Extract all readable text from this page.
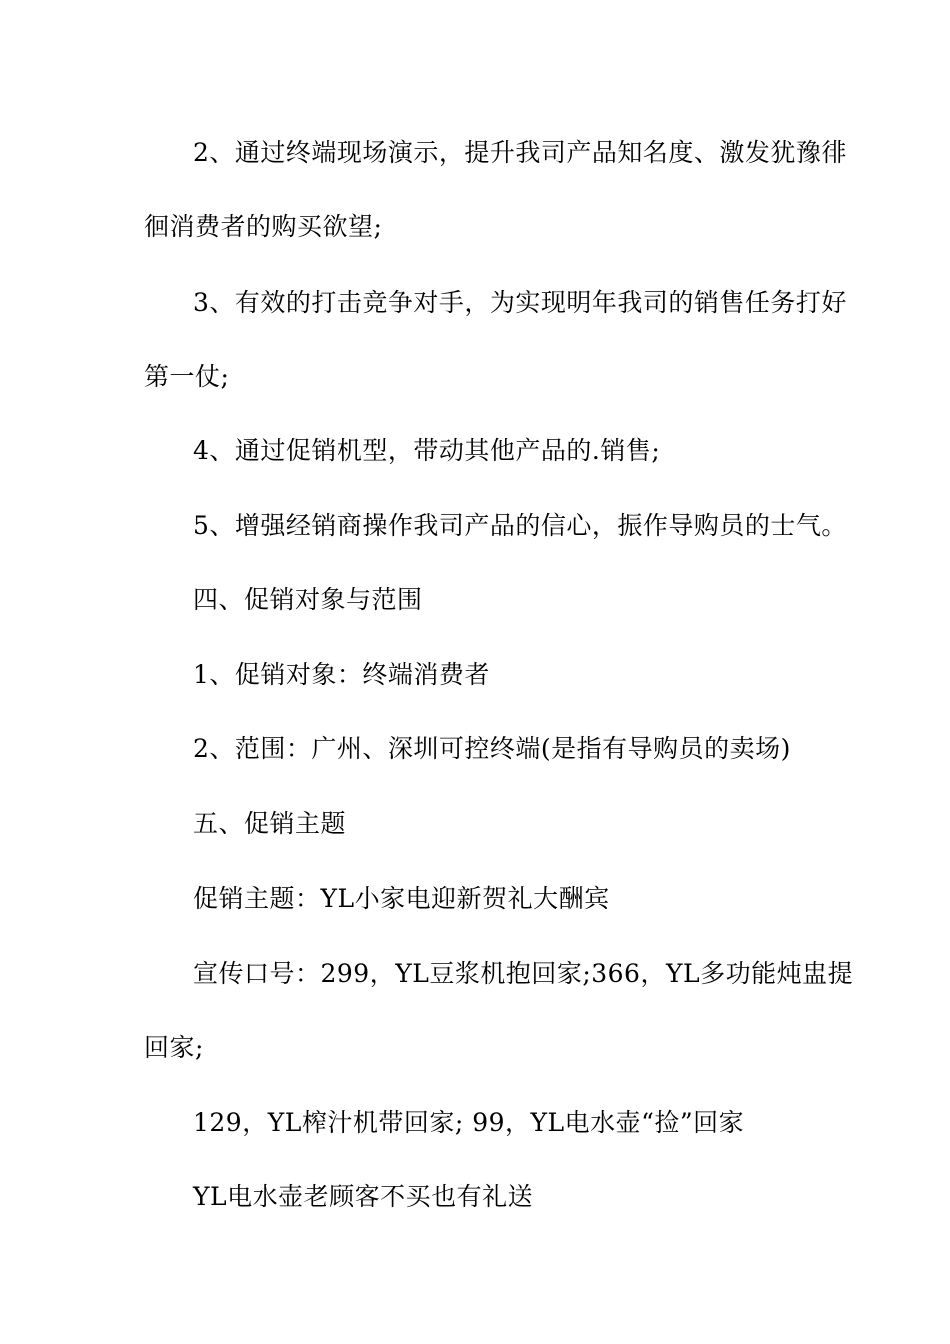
2、通过终端现场演示，提升我司产品知名度、激发犹豫徘
徊消费者的购买欲望;
3、有效的打击竞争对手，为实现明年我司的销售任务打好
第一仗;
4、通过促销机型，带动其他产品的.销售;
5、增强经销商操作我司产品的信心，振作导购员的士气。
四、促销对象与范围
1、促销对象：终端消费者
2、范围：广州、深圳可控终端(是指有导购员的卖场)
五、促销主题
促销主题：YL小家电迎新贺礼大酬宾
宣传口号：299，YL豆浆机抱回家;366，YL多功能炖盅提
回家;
129，YL榨汁机带回家; 99，YL电水壶“捡”回家
YL电水壶老顾客不买也有礼送
